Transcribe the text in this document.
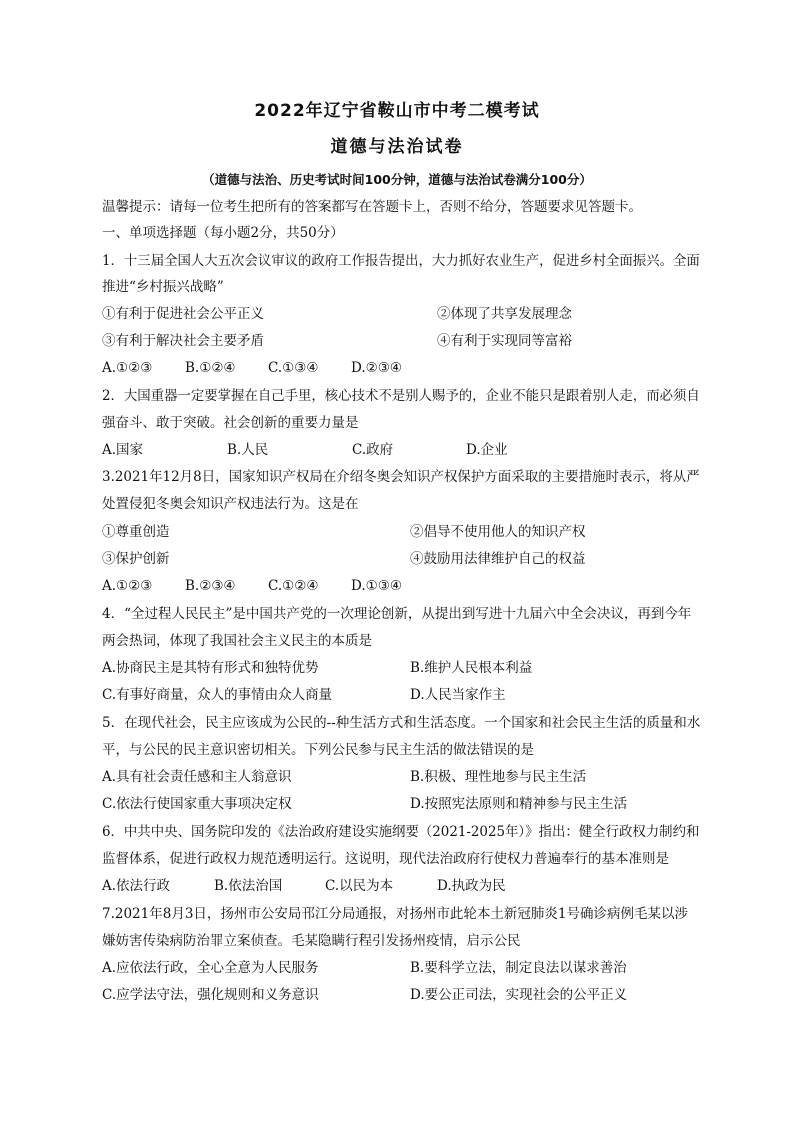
2022年辽宁省鞍山市中考二模考试
道德与法治试卷
（道德与法治、历史考试时间100分钟，道德与法治试卷满分100分）
温馨提示：请每一位考生把所有的答案都写在答题卡上，否则不给分，答题要求见答题卡。
一、单项选择题（每小题2分，共50分）
1．十三届全国人大五次会议审议的政府工作报告提出，大力抓好农业生产，促进乡村全面振兴。全面
推进“乡村振兴战略”
①有利于促进社会公平正义	②体现了共享发展理念
③有利于解决社会主要矛盾	④有利于实现同等富裕
A.①②③ B.①②④ C.①③④ D.②③④
2．大国重器一定要掌握在自己手里，核心技术不是别人赐予的，企业不能只是跟着别人走，而必须自
强奋斗、敢于突破。社会创新的重要力量是
A.国家	B.人民	C.政府	D.企业
3.2021年12月8日，国家知识产权局在介绍冬奥会知识产权保护方面采取的主要措施时表示，将从严
处置侵犯冬奥会知识产权违法行为。这是在
①尊重创造	②倡导不使用他人的知识产权
③保护创新	④鼓励用法律维护自己的权益
A.①②③ B.②③④ C.①②④ D.①③④
4．“全过程人民民主”是中国共产党的一次理论创新，从提出到写进十九届六中全会决议，再到今年
两会热词，体现了我国社会主义民主的本质是
A.协商民主是其特有形式和独特优势	B.维护人民根本利益
C.有事好商量，众人的事情由众人商量	D.人民当家作主
5．在现代社会，民主应该成为公民的--种生活方式和生活态度。一个国家和社会民主生活的质量和水
平，与公民的民主意识密切相关。下列公民参与民主生活的做法错误的是
A.具有社会责任感和主人翁意识	B.积极、理性地参与民主生活
C.依法行使国家重大事项决定权	D.按照宪法原则和精神参与民主生活
6．中共中央、国务院印发的《法治政府建设实施纲要（2021-2025年）》指出：健全行政权力制约和
监督体系，促进行政权力规范透明运行。这说明，现代法治政府行使权力普遍奉行的基本准则是
A.依法行政	B.依法治国	C.以民为本	D.执政为民
7.2021年8月3日，扬州市公安局邗江分局通报，对扬州市此轮本土新冠肺炎1号确诊病例毛某以涉
嫌妨害传染病防治罪立案侦查。毛某隐瞒行程引发扬州疫情，启示公民
A.应依法行政，全心全意为人民服务	B.要科学立法，制定良法以谋求善治
C.应学法守法，强化规则和义务意识	D.要公正司法，实现社会的公平正义
